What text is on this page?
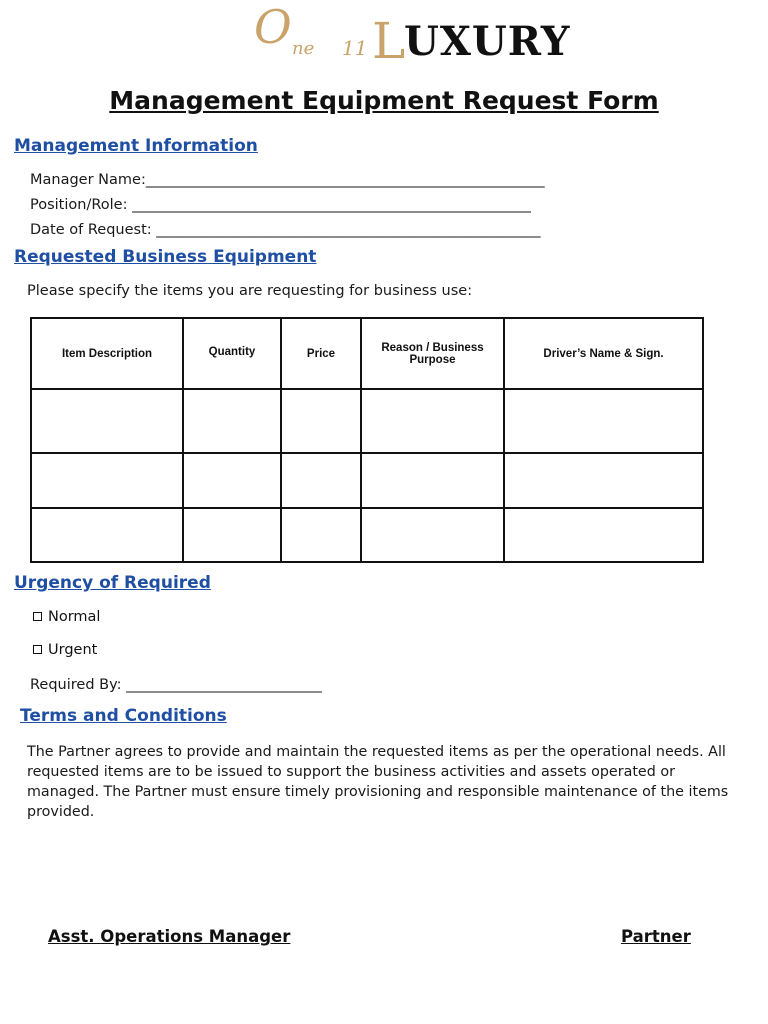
O ne 11 L
UXURY
Management Equipment Request Form
Management Information
Manager Name:_______________________________________________________
Position/Role: _______________________________________________________
Date of Request: _____________________________________________________
Requested Business Equipment
Please specify the items you are requesting for business use:
Item Description	Quantity	Price	Reason / Business Purpose	Driver’s Name & Sign.

Urgency of Required
Normal
Urgent
Required By: ___________________________
Terms and Conditions
The Partner agrees to provide and maintain the requested items as per the operational needs. All requested items are to be issued to support the business activities and assets operated or managed. The Partner must ensure timely provisioning and responsible maintenance of the items provided.
Asst. Operations Manager	Partner
